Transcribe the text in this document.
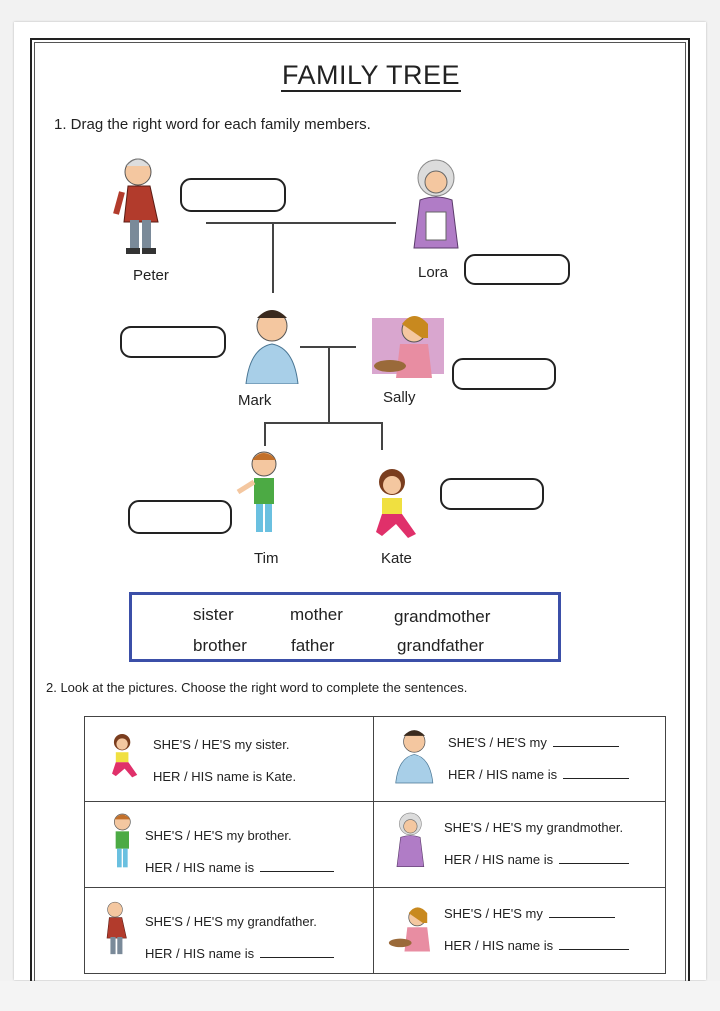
FAMILY TREE
1. Drag the right word for each family members.
Peter	Lora
Mark	Sally
Tim	Kate
sister	mother	grandmother
brother	father	grandfather
2. Look at the pictures. Choose the right word to complete the sentences.
SHE'S / HE'S my sister.
HER / HIS name is Kate.
SHE'S / HE'S my
HER / HIS name is
SHE'S / HE'S my brother.
HER / HIS name is
SHE'S / HE'S my grandmother.
HER / HIS name is
SHE'S / HE'S my grandfather.
HER / HIS name is
SHE'S / HE'S my
HER / HIS name is
